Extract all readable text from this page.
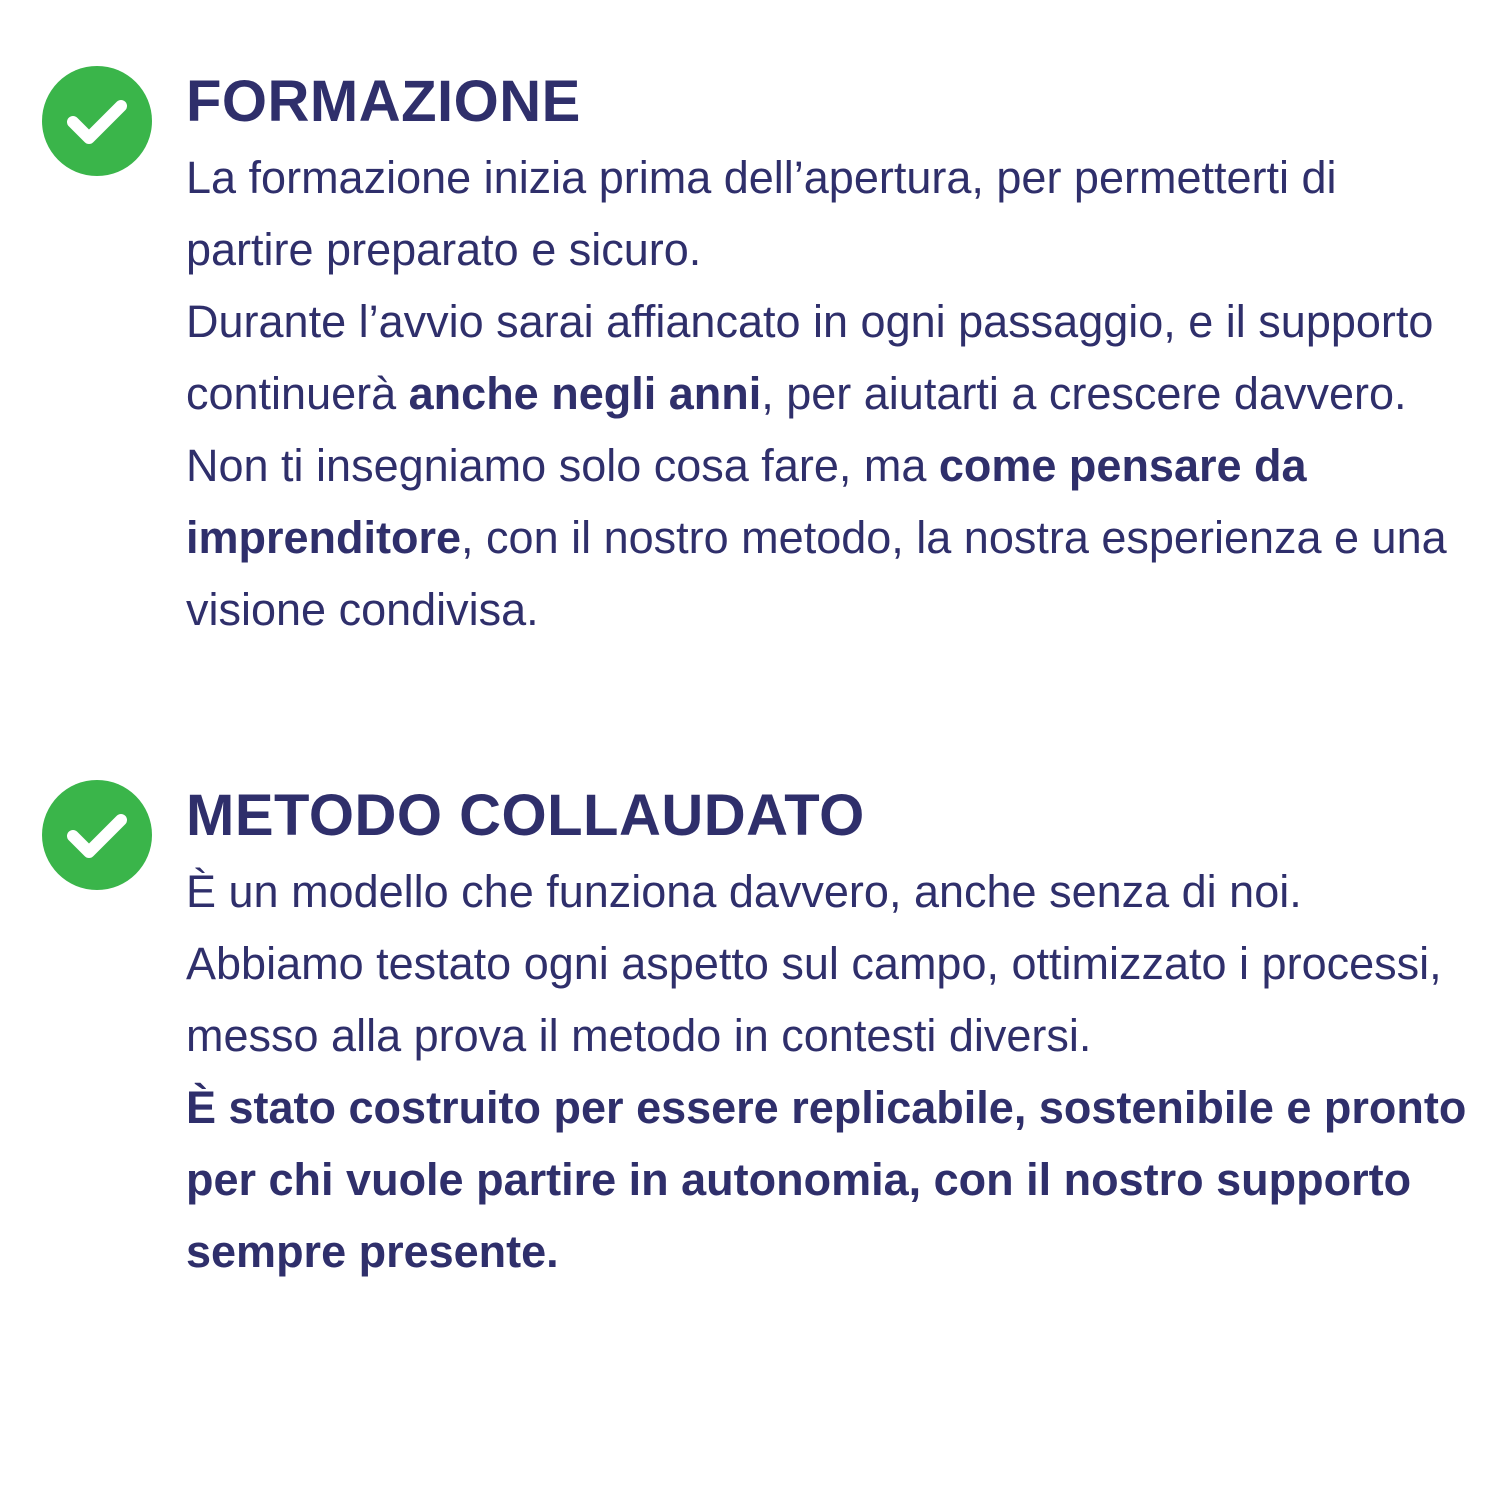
FORMAZIONE

La formazione inizia prima dell’apertura, per permetterti di partire preparato e sicuro.

Durante l’avvio sarai affiancato in ogni passaggio, e il supporto continuerà anche negli anni, per aiutarti a crescere davvero.

Non ti insegniamo solo cosa fare, ma come pensare da imprenditore, con il nostro metodo, la nostra esperienza e una visione condivisa.

METODO COLLAUDATO

È un modello che funziona davvero, anche senza di noi.

Abbiamo testato ogni aspetto sul campo, ottimizzato i processi, messo alla prova il metodo in contesti diversi.

È stato costruito per essere replicabile, sostenibile e pronto per chi vuole partire in autonomia, con il nostro supporto sempre presente.
